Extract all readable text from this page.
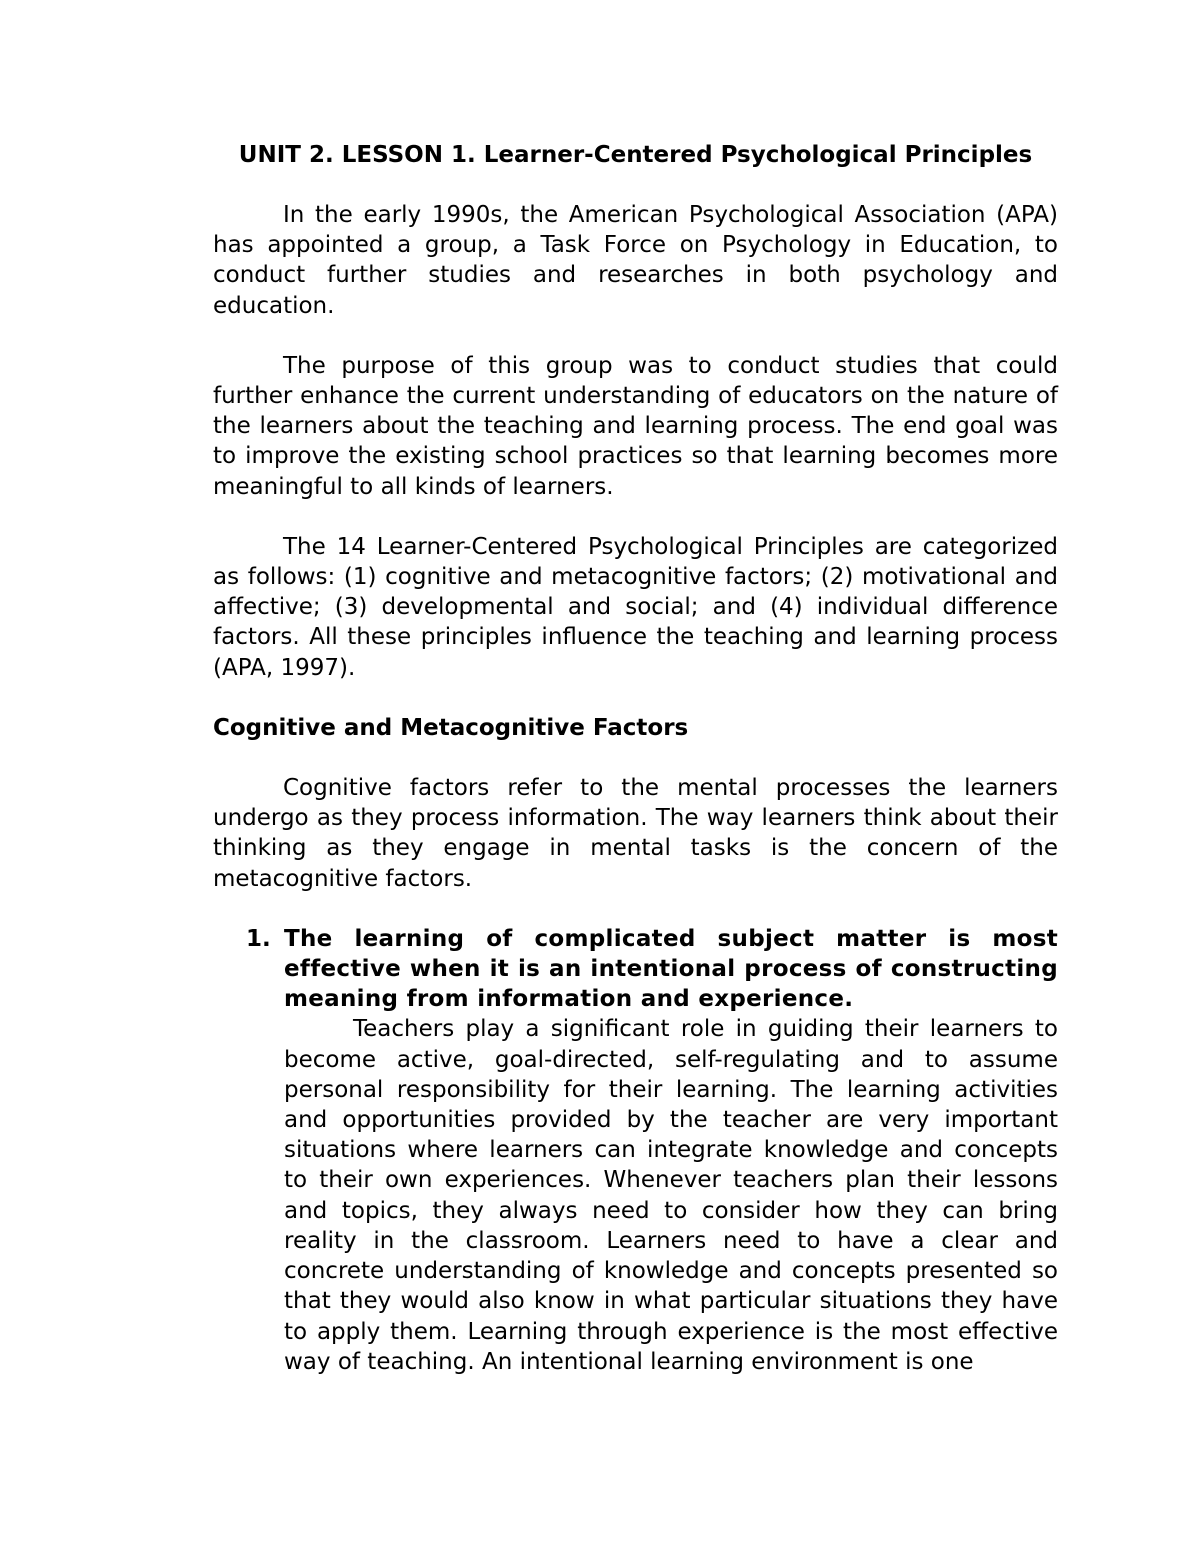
UNIT 2. LESSON 1. Learner-Centered Psychological Principles

In the early 1990s, the American Psychological Association (APA) has appointed a group, a Task Force on Psychology in Education, to conduct further studies and researches in both psychology and education.

The purpose of this group was to conduct studies that could further enhance the current understanding of educators on the nature of the learners about the teaching and learning process. The end goal was to improve the existing school practices so that learning becomes more meaningful to all kinds of learners.

The 14 Learner-Centered Psychological Principles are categorized as follows: (1) cognitive and metacognitive factors; (2) motivational and affective; (3) developmental and social; and (4) individual difference factors. All these principles influence the teaching and learning process (APA, 1997).

Cognitive and Metacognitive Factors

Cognitive factors refer to the mental processes the learners undergo as they process information. The way learners think about their thinking as they engage in mental tasks is the concern of the metacognitive factors.

1. The learning of complicated subject matter is most effective when it is an intentional process of constructing meaning from information and experience.
Teachers play a significant role in guiding their learners to become active, goal-directed, self-regulating and to assume personal responsibility for their learning. The learning activities and opportunities provided by the teacher are very important situations where learners can integrate knowledge and concepts to their own experiences. Whenever teachers plan their lessons and topics, they always need to consider how they can bring reality in the classroom. Learners need to have a clear and concrete understanding of knowledge and concepts presented so that they would also know in what particular situations they have to apply them. Learning through experience is the most effective way of teaching. An intentional learning environment is one
